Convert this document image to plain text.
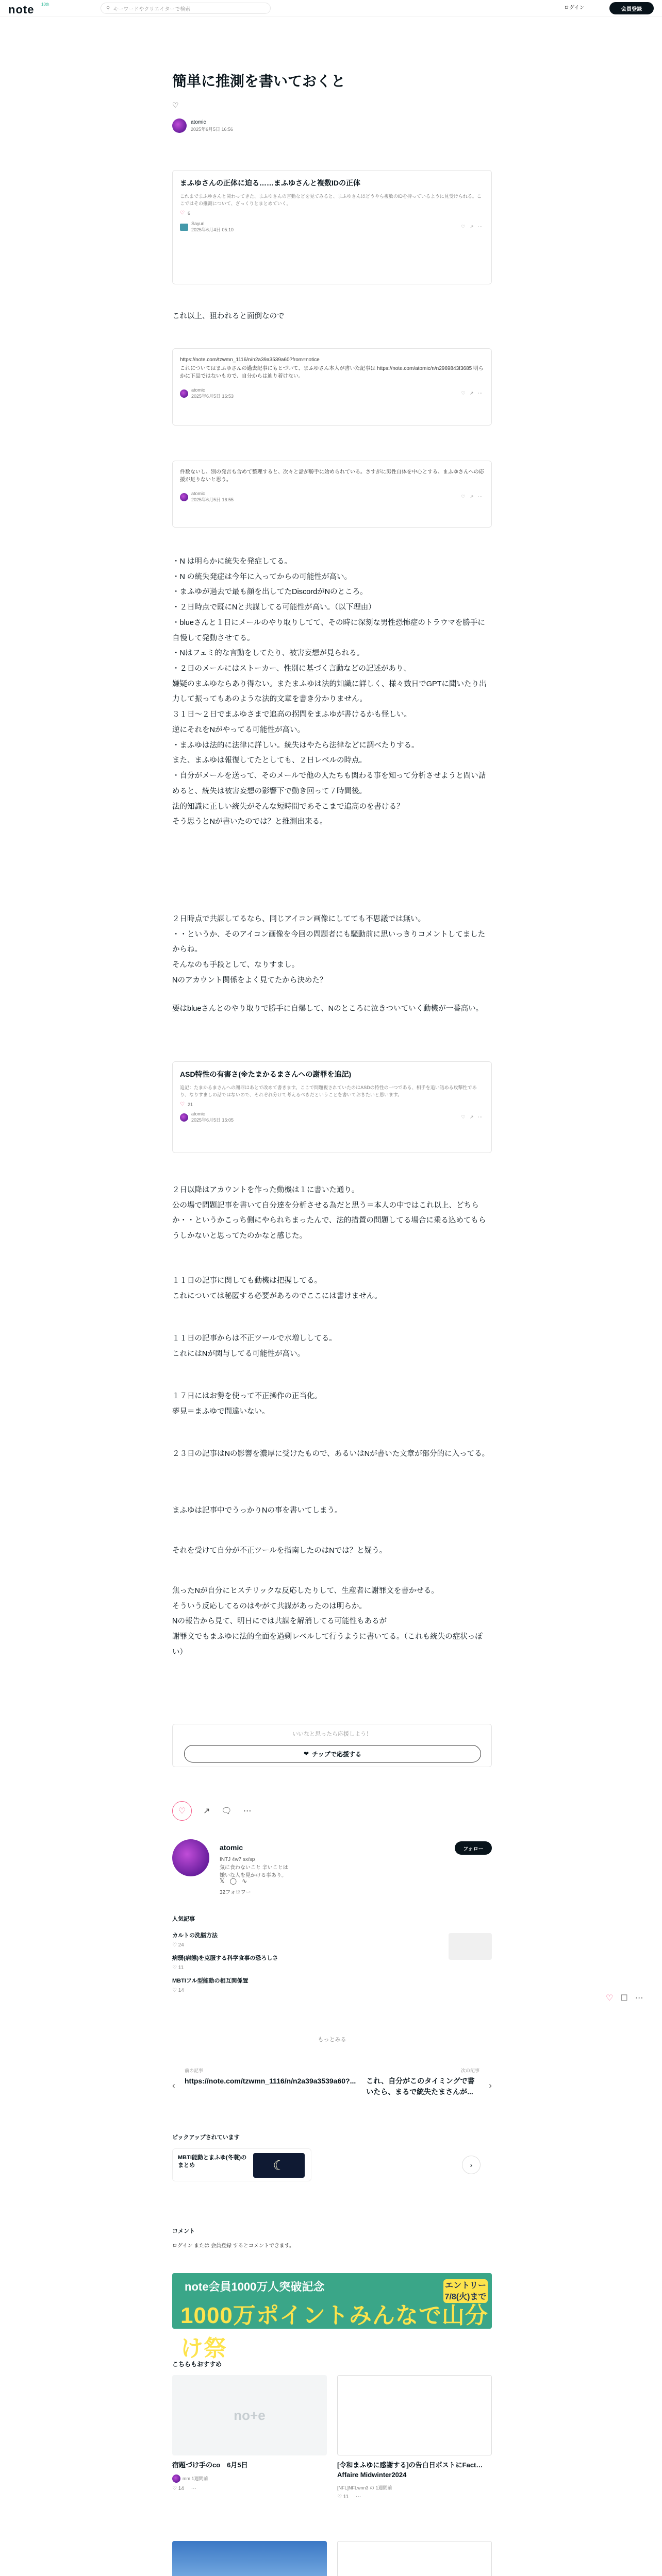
note 10th
⚲ キーワードやクリエイターで検索	ログイン	会員登録
簡単に推測を書いておくと
♡
atomic
2025年6月5日 16:56
まふゆさんの正体に迫る……まふゆさんと複数IDの正体
これまでまふゆさんと関わってきた、まふゆさんの言動などを見てみると、まふゆさんはどうやら複数のIDを持っているように見受けられる。ここではその推測について、ざっくりとまとめていく。
♡ 6
Sayuri
2025年6月4日 05:10
♡ ↗ ⋯
これ以上、狙われると面倒なので
https://note.com/tzwmn_1116/n/n2a39a3539a60?from=notice
これについてはまふゆさんの過去記事にもとづいて、まふゆさん本人が書いた記事は https://note.com/atomic/n/n2969843f3685 明らかに下品ではないもので、自分からは辿り着けない。
atomic
2025年6月5日 16:53
♡ ↗ ⋯
件数ないし、別の発言も含めて整理すると、次々と話が勝手に始められている。さすがに男性自体を中心とする、まふゆさんへの応援が足りないと思う。
atomic
2025年6月5日 16:55
♡ ↗ ⋯

・N は明らかに統失を発症してる。

・N の統失発症は今年に入ってからの可能性が高い。

・まふゆが過去で最も顔を出してたDiscordがNのところ。

・２日時点で既にNと共謀してる可能性が高い。（以下理由）

・blueさんと１日にメールのやり取りしてて、その時に深刻な男性恐怖症のトラウマを勝手に自慢して発動させてる。

・Nはフェミ的な言動をしてたり、被害妄想が見られる。

・２日のメールにはストーカー、性別に基づく言動などの記述があり、

嫌疑のまふゆならあり得ない。またまふゆは法的知識に詳しく、様々数日でGPTに聞いたり出力して振ってもあのような法的文章を書き分かりません。

３１日〜２日でまふゆさまで追高の拐問をまふゆが書けるかも怪しい。

逆にそれをNがやってる可能性が高い。

・まふゆは法的に法律に詳しい。統失はやたら法律などに調べたりする。

また、まふゆは報復してたとしても、２日レベルの時点。

・自分がメールを送って、そのメールで他の人たちも関わる事を知って分析させようと問い詰めると、統失は被害妄想の影響下で動き回って７時間後。

法的知識に正しい統失がそんな短時間であそこまで追高のを書ける？

そう思うとNが書いたのでは？と推測出来る。

２日時点で共謀してるなら、同じアイコン画像にしてても不思議では無い。

・・というか、そのアイコン画像を今回の問題者にも騒動前に思いっきりコメントしてましたからね。

そんなのも手段として、なりすまし。

Nのアカウント関係をよく見てたから決めた？

要はblueさんとのやり取りで勝手に自爆して、Nのところに泣きついていく動機が一番高い。
ASD特性の有害さ(※たまかるまさんへの謝罪を追記)
追記：たまかるまさんへの謝罪はあとで改めて書きます。ここで問題視されていたのはASDの特性の一つである、相手を追い詰める攻撃性であり、なりすましの話ではないので、それぞれ分けて考えるべきだということを書いておきたいと思います。
♡ 21
atomic
2025年6月5日 15:05
♡ ↗ ⋯

２日以降はアカウントを作った動機は１に書いた通り。

公の場で問題記事を書いて自分達を分析させる為だと思う＝本人の中ではこれ以上、どちらか・・というかこっち側にやられちまったんで、法的措置の問題してる場合に乗る込めてもらうしかないと思ってたのかなと感じた。

１１日の記事に関しても動機は把握してる。

これについては秘匿する必要があるのでここには書けません。

１１日の記事からは不正ツールで水増ししてる。

これにはNが関与してる可能性が高い。

１７日にはお勢を使って不正操作の正当化。

夢見＝まふゆで間違いない。

２３日の記事はNの影響を濃厚に受けたもので、あるいはNが書いた文章が部分的に入ってる。
まふゆは記事中でうっかりNの事を書いてしまう。
それを受けて自分が不正ツールを指南したのはNでは？と疑う。

焦ったNが自分にヒステリックな反応したりして、生産者に謝罪文を書かせる。

そういう反応してるのはやがて共謀があったのは明らか。

Nの報告から見て、明日にでは共謀を解消してる可能性もあるが

謝罪文でもまふゆに法的全面を過剰レベルして行うように書いてる。（これも統失の症状っぽい）

いいなと思ったら応援しよう！
❤ チップで応援する
♡	↗ 🗨 ⋯
atomic
INTJ 4w7 sx/sp
気に食わないこと 辛いことは
嫌いな人を見かける事あり。
𝕏 ◯ ∿
32フォロワー
フォロー
人気記事
カルトの洗脳方法
♡ 24
病弱(病態)を克服する科学食事の恐ろしさ
♡ 11
MBTIフル型能動の相互関係置
♡ 14
もっとみる
‹
前の記事
https://note.com/tzwmn_1116/n/n2a39a3539a60?...
次の記事
これ、自分がこのタイミングで書いたら、まるで統失たまさんが...
›
ピックアップされています
MBTI能動とまふゆ(冬蓑)のまとめ	☾	›
コメント
ログイン または 会員登録 するとコメントできます。
note会員1000万人突破記念
1000万ポイントみんなで山分け祭
エントリー 7/8(火)まで
こちらもおすすめ
no+e
宿題づけ手のco　6月5日
mm 1週間前
♡ 14 ⋯
[令和まふゆに感謝する]の告白日ポストにFact… Affaire Midwinter2024
[NFL]NFLwnn3 の 1週間前
♡ 11 ⋯
♡ ☐ ⋯
